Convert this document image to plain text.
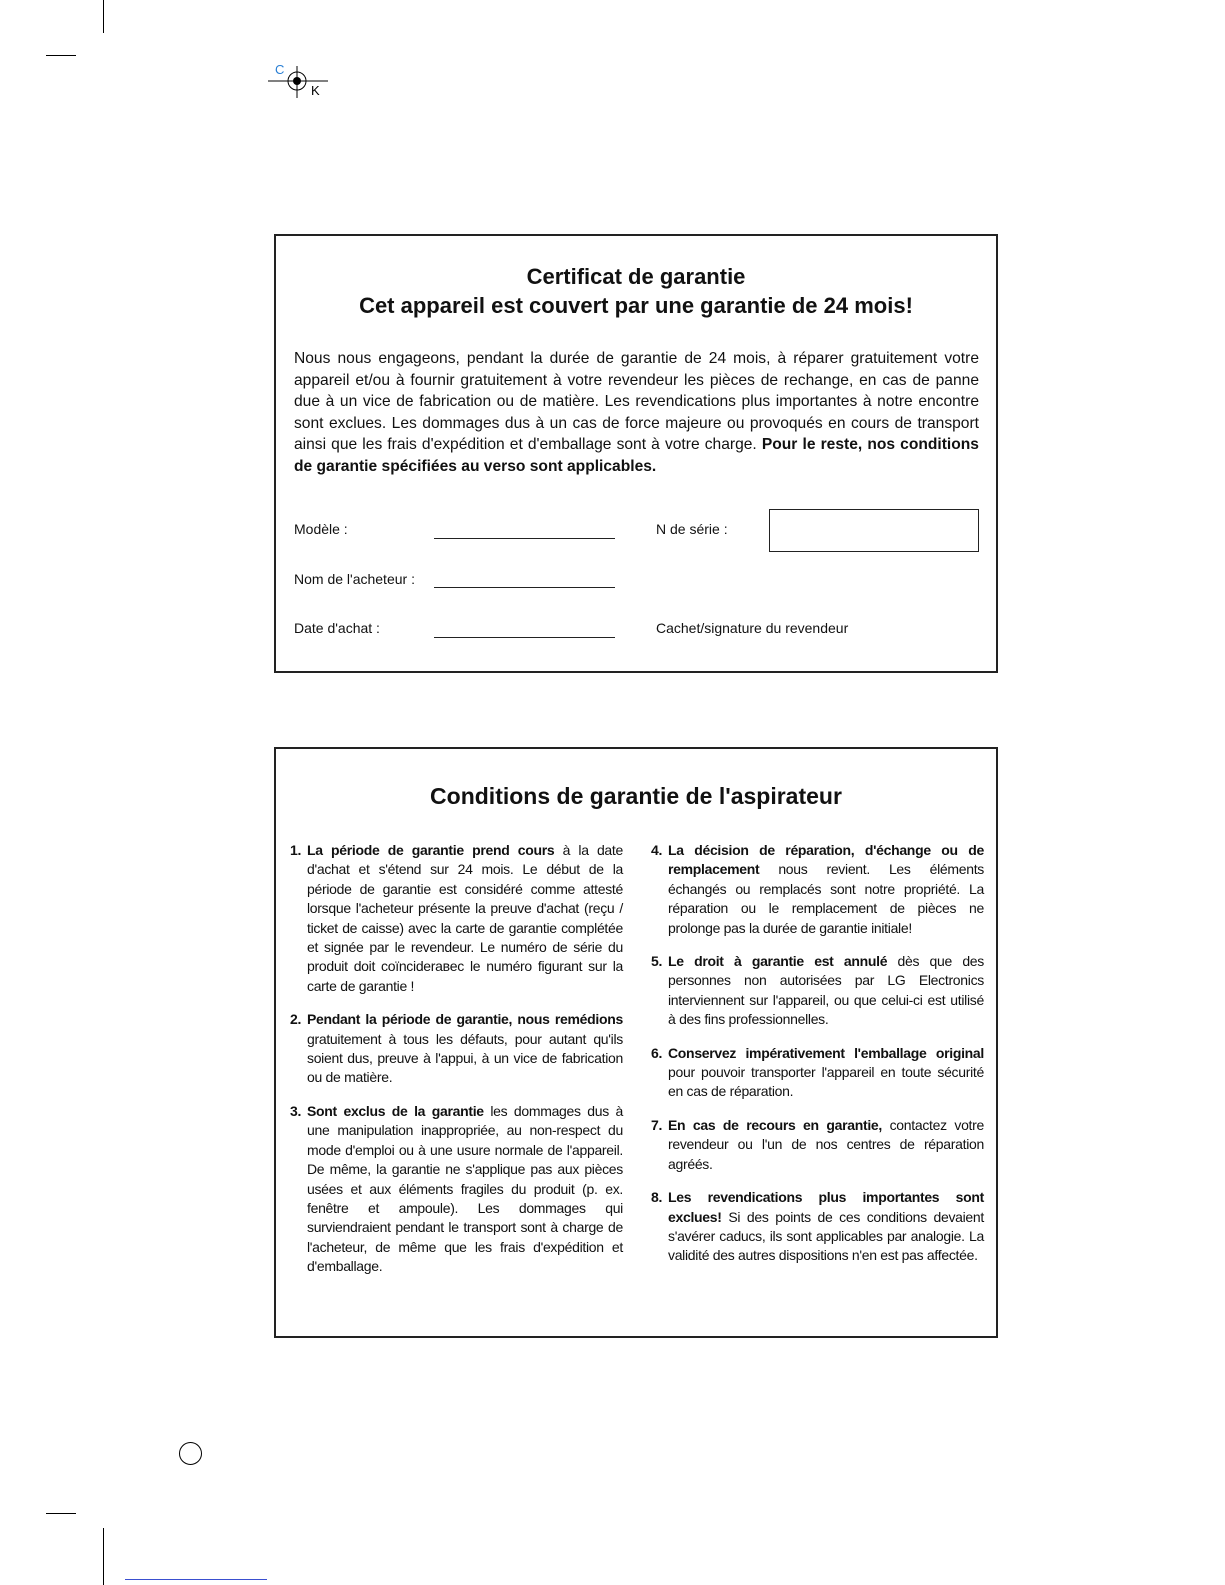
C
K
Certificat de garantie
Cet appareil est couvert par une garantie de 24 mois!
Nous nous engageons, pendant la durée de garantie de 24 mois, à réparer gratuitement votre appareil et/ou à fournir gratuitement à votre revendeur les pièces de rechange, en cas de panne due à un vice de fabrication ou de matière. Les revendications plus importantes à notre encontre sont exclues. Les dommages dus à un cas de force majeure ou provoqués en cours de transport ainsi que les frais d'expédition et d'emballage sont à votre charge. Pour le reste, nos conditions de garantie spécifiées au verso sont applicables.
Modèle :	N de série :
Nom de l'acheteur :
Date d'achat :	Cachet/signature du revendeur
Conditions de garantie de l'aspirateur
1. La période de garantie prend cours à la date d'achat et s'étend sur 24 mois. Le début de la période de garantie est considéré comme attesté lorsque l'acheteur présente la preuve d'achat (reçu / ticket de caisse) avec la carte de garantie complétée et signée par le revendeur. Le numéro de série du produit doit coïnciderавec le numéro figurant sur la carte de garantie !
2. Pendant la période de garantie, nous remédions gratuitement à tous les défauts, pour autant qu'ils soient dus, preuve à l'appui, à un vice de fabrication ou de matière.
3. Sont exclus de la garantie les dommages dus à une manipulation inappropriée, au non-respect du mode d'emploi ou à une usure normale de l'appareil. De même, la garantie ne s'applique pas aux pièces usées et aux éléments fragiles du produit (p. ex. fenêtre et ampoule). Les dommages qui surviendraient pendant le transport sont à charge de l'acheteur, de même que les frais d'expédition et d'emballage.
4. La décision de réparation, d'échange ou de remplacement nous revient. Les éléments échangés ou remplacés sont notre propriété. La réparation ou le remplacement de pièces ne prolonge pas la durée de garantie initiale!
5. Le droit à garantie est annulé dès que des personnes non autorisées par LG Electronics interviennent sur l'appareil, ou que celui-ci est utilisé à des fins professionnelles.
6. Conservez impérativement l'emballage original pour pouvoir transporter l'appareil en toute sécurité en cas de réparation.
7. En cas de recours en garantie, contactez votre revendeur ou l'un de nos centres de réparation agréés.
8. Les revendications plus importantes sont exclues! Si des points de ces conditions devaient s'avérer caducs, ils sont applicables par analogie. La validité des autres dispositions n'en est pas affectée.
